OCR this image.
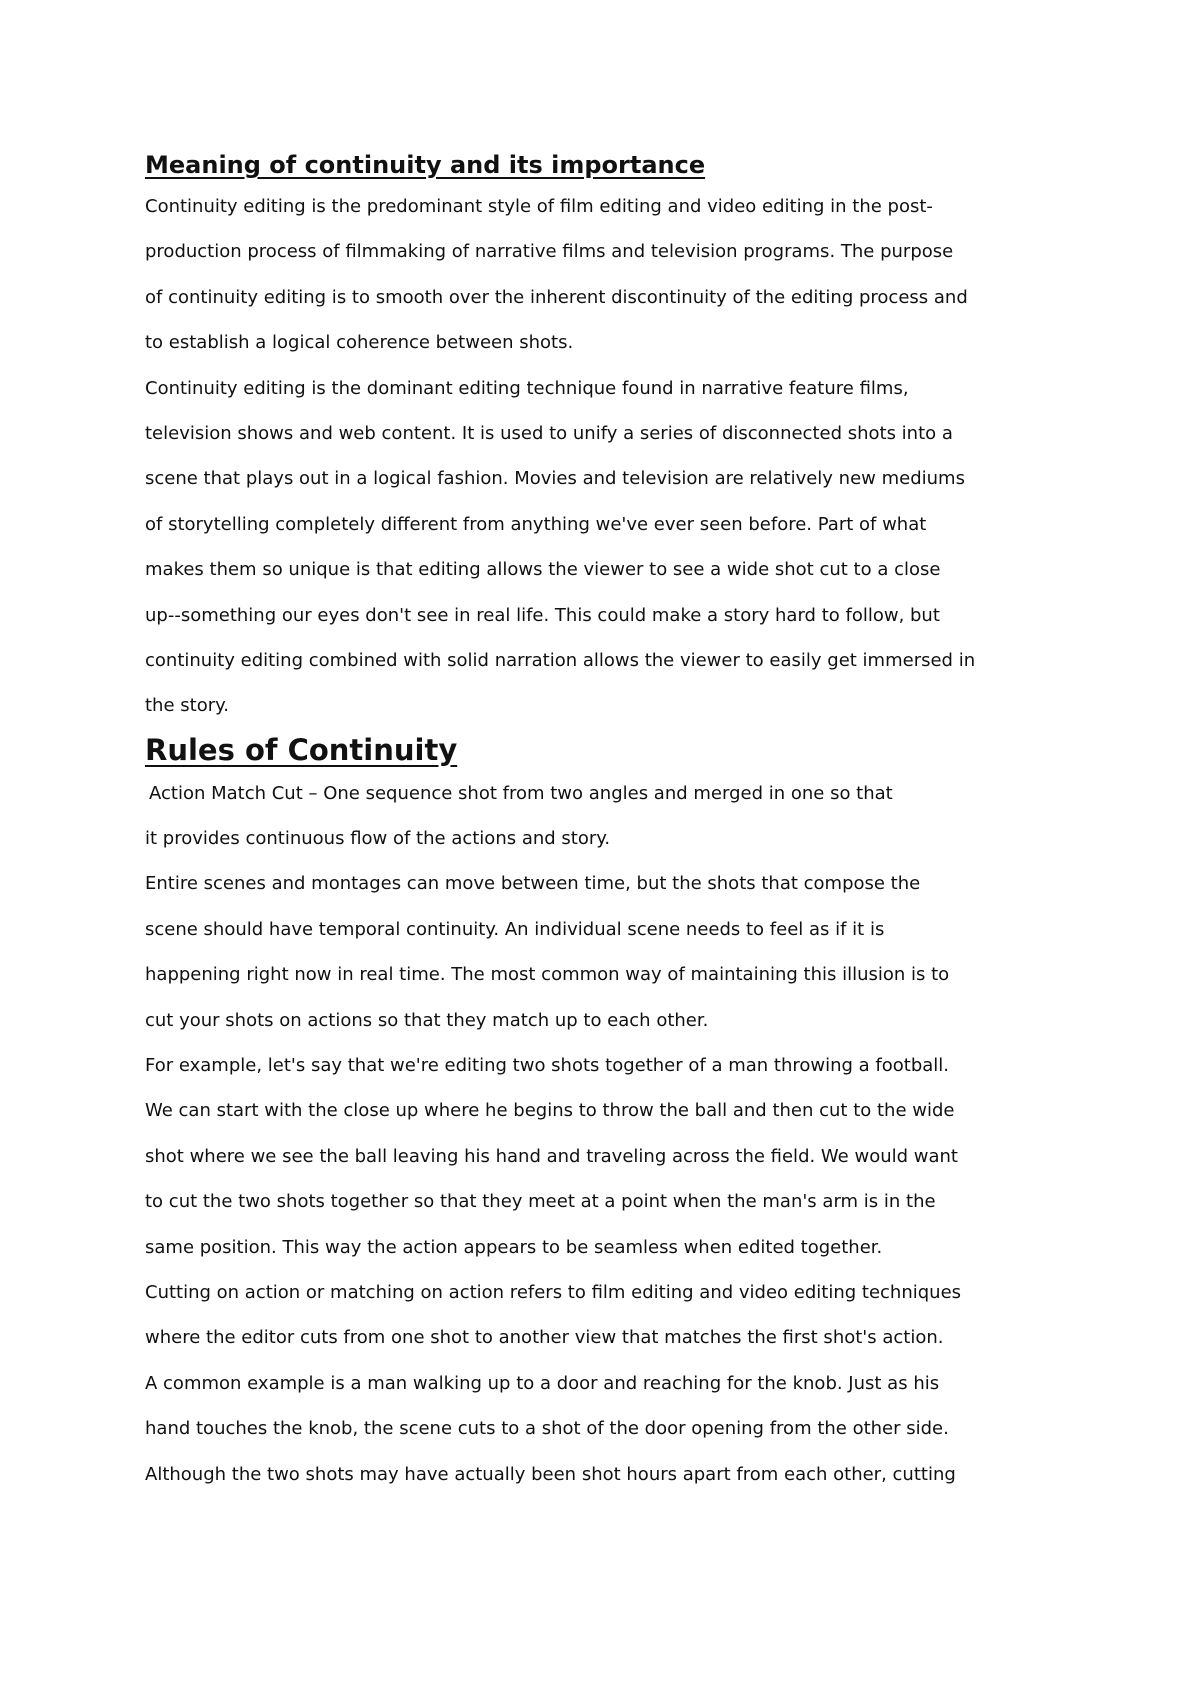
Meaning of continuity and its importance

Continuity editing is the predominant style of film editing and video editing in the post-

production process of filmmaking of narrative films and television programs. The purpose

of continuity editing is to smooth over the inherent discontinuity of the editing process and

to establish a logical coherence between shots.

Continuity editing is the dominant editing technique found in narrative feature films,

television shows and web content. It is used to unify a series of disconnected shots into a

scene that plays out in a logical fashion. Movies and television are relatively new mediums

of storytelling completely different from anything we've ever seen before. Part of what

makes them so unique is that editing allows the viewer to see a wide shot cut to a close

up--something our eyes don't see in real life. This could make a story hard to follow, but

continuity editing combined with solid narration allows the viewer to easily get immersed in

the story.

Rules of Continuity

Action Match Cut – One sequence shot from two angles and merged in one so that

it provides continuous flow of the actions and story.

Entire scenes and montages can move between time, but the shots that compose the

scene should have temporal continuity. An individual scene needs to feel as if it is

happening right now in real time. The most common way of maintaining this illusion is to

cut your shots on actions so that they match up to each other.

For example, let's say that we're editing two shots together of a man throwing a football.

We can start with the close up where he begins to throw the ball and then cut to the wide

shot where we see the ball leaving his hand and traveling across the field. We would want

to cut the two shots together so that they meet at a point when the man's arm is in the

same position. This way the action appears to be seamless when edited together.

Cutting on action or matching on action refers to film editing and video editing techniques

where the editor cuts from one shot to another view that matches the first shot's action.

A common example is a man walking up to a door and reaching for the knob. Just as his

hand touches the knob, the scene cuts to a shot of the door opening from the other side.

Although the two shots may have actually been shot hours apart from each other, cutting
